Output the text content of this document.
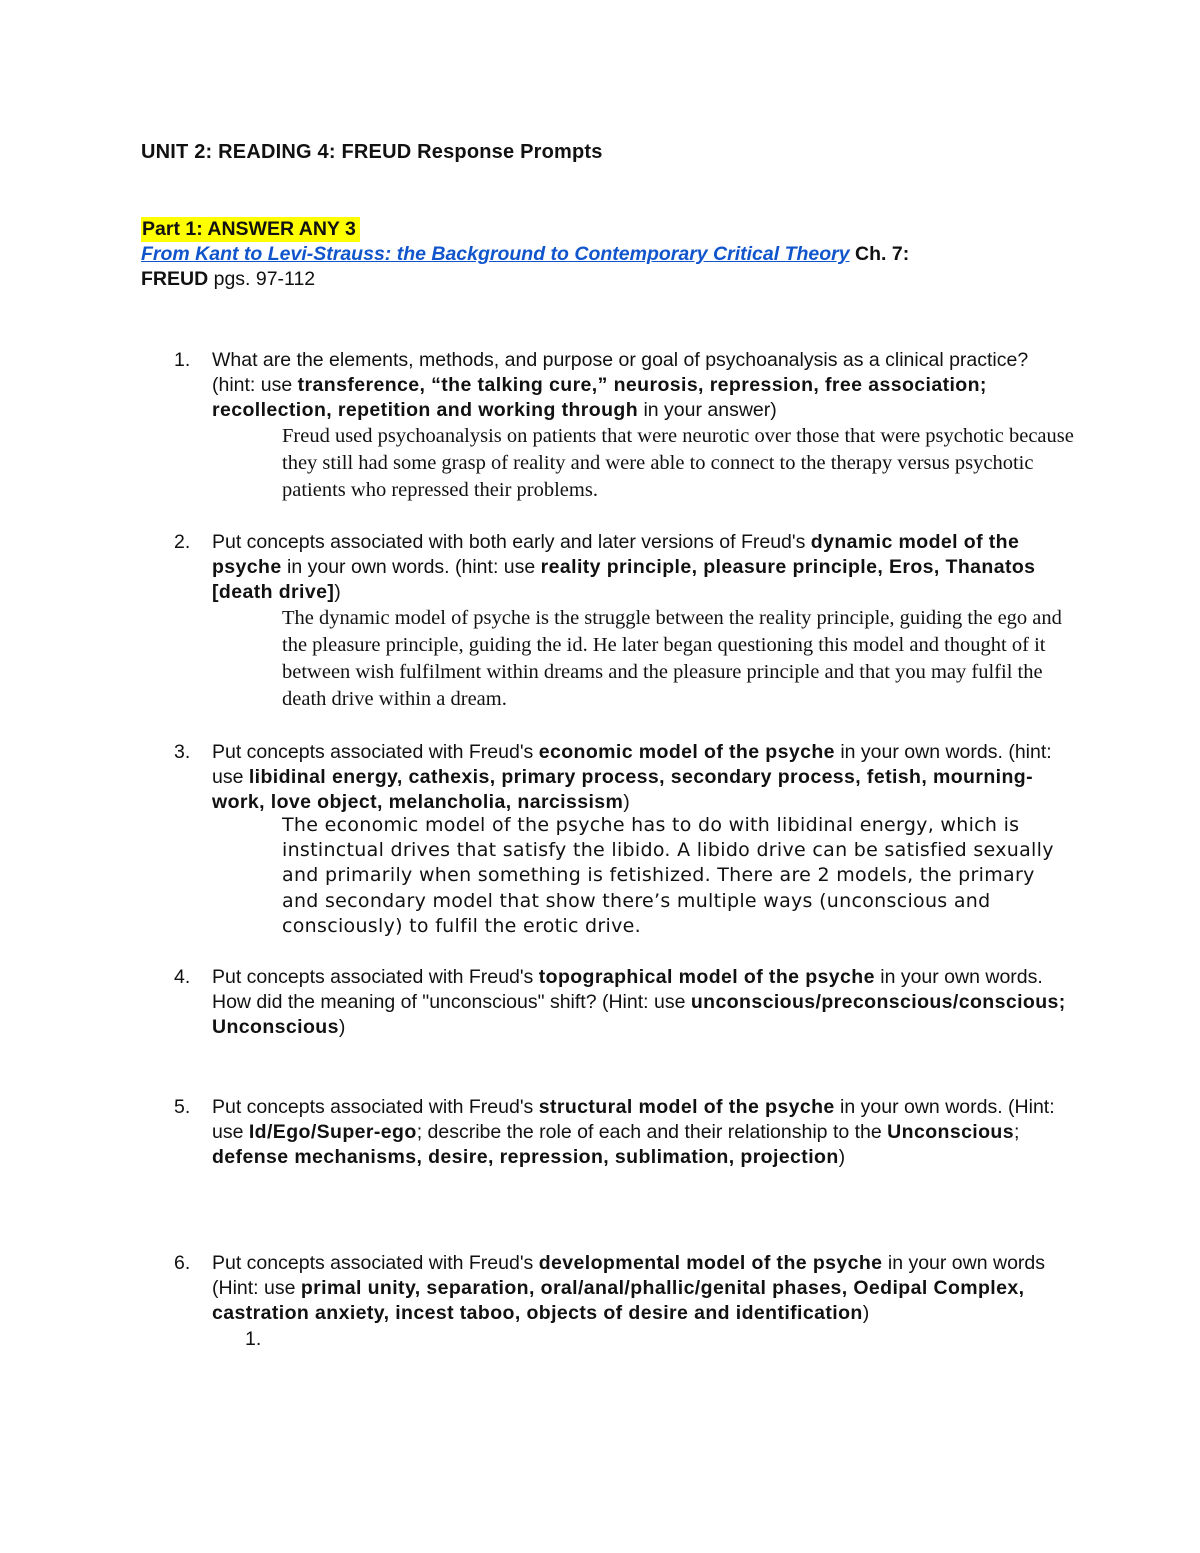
UNIT 2: READING 4: FREUD Response Prompts
Part 1: ANSWER ANY 3
From Kant to Levi-Strauss: the Background to Contemporary Critical Theory Ch. 7:
FREUD pgs. 97-112
1. What are the elements, methods, and purpose or goal of psychoanalysis as a clinical practice? (hint: use transference, “the talking cure,” neurosis, repression, free association; recollection, repetition and working through in your answer)
Freud used psychoanalysis on patients that were neurotic over those that were psychotic because they still had some grasp of reality and were able to connect to the therapy versus psychotic patients who repressed their problems.
2. Put concepts associated with both early and later versions of Freud's dynamic model of the psyche in your own words. (hint: use reality principle, pleasure principle, Eros, Thanatos [death drive])
The dynamic model of psyche is the struggle between the reality principle, guiding the ego and the pleasure principle, guiding the id. He later began questioning this model and thought of it between wish fulfilment within dreams and the pleasure principle and that you may fulfil the death drive within a dream.
3. Put concepts associated with Freud's economic model of the psyche in your own words. (hint: use libidinal energy, cathexis, primary process, secondary process, fetish, mourning-work, love object, melancholia, narcissism)
The economic model of the psyche has to do with libidinal energy, which is instinctual drives that satisfy the libido. A libido drive can be satisfied sexually and primarily when something is fetishized. There are 2 models, the primary and secondary model that show there’s multiple ways (unconscious and consciously) to fulfil the erotic drive.
4. Put concepts associated with Freud's topographical model of the psyche in your own words. How did the meaning of "unconscious" shift? (Hint: use unconscious/preconscious/conscious; Unconscious)
5. Put concepts associated with Freud's structural model of the psyche in your own words. (Hint: use Id/Ego/Super-ego; describe the role of each and their relationship to the Unconscious; defense mechanisms, desire, repression, sublimation, projection)
6. Put concepts associated with Freud's developmental model of the psyche in your own words (Hint: use primal unity, separation, oral/anal/phallic/genital phases, Oedipal Complex, castration anxiety, incest taboo, objects of desire and identification)
1.
